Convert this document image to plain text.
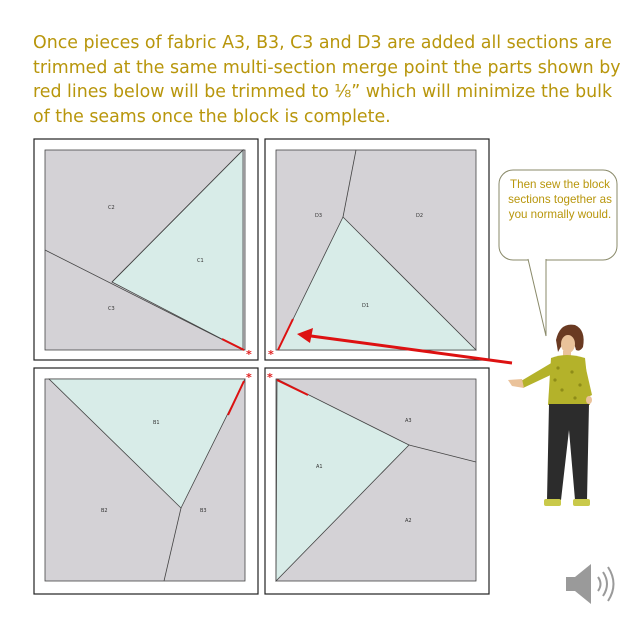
Once pieces of fabric A3, B3, C3 and D3 are added all sections are trimmed at the same multi-section merge point the parts shown by red lines below will be trimmed to ⅛” which will minimize the bulk of the seams once the block is complete.

C2
C1
C3
*
D3	D2
D1
*
B1
B2	B3
*
A3
A1
A2
*
Then sew the block sections together as you normally would.
